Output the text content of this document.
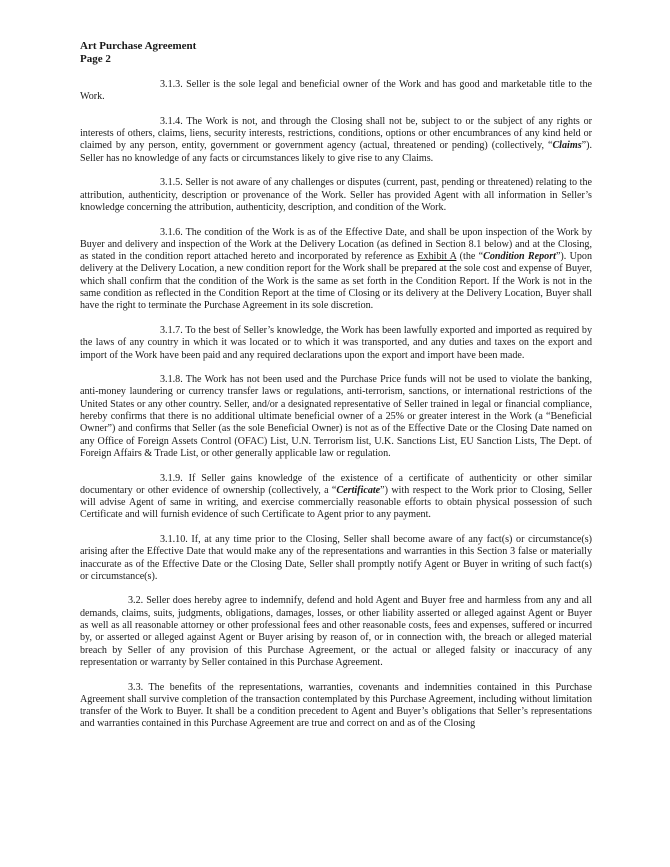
Art Purchase Agreement
Page 2

3.1.3. Seller is the sole legal and beneficial owner of the Work and has good and marketable title to the Work.

3.1.4. The Work is not, and through the Closing shall not be, subject to or the subject of any rights or interests of others, claims, liens, security interests, restrictions, conditions, options or other encumbrances of any kind held or claimed by any person, entity, government or government agency (actual, threatened or pending) (collectively, “Claims”). Seller has no knowledge of any facts or circumstances likely to give rise to any Claims.

3.1.5. Seller is not aware of any challenges or disputes (current, past, pending or threatened) relating to the attribution, authenticity, description or provenance of the Work. Seller has provided Agent with all information in Seller’s knowledge concerning the attribution, authenticity, description, and condition of the Work.

3.1.6. The condition of the Work is as of the Effective Date, and shall be upon inspection of the Work by Buyer and delivery and inspection of the Work at the Delivery Location (as defined in Section 8.1 below) and at the Closing, as stated in the condition report attached hereto and incorporated by reference as Exhibit A (the “Condition Report”). Upon delivery at the Delivery Location, a new condition report for the Work shall be prepared at the sole cost and expense of Buyer, which shall confirm that the condition of the Work is the same as set forth in the Condition Report. If the Work is not in the same condition as reflected in the Condition Report at the time of Closing or its delivery at the Delivery Location, Buyer shall have the right to terminate the Purchase Agreement in its sole discretion.

3.1.7. To the best of Seller’s knowledge, the Work has been lawfully exported and imported as required by the laws of any country in which it was located or to which it was transported, and any duties and taxes on the export and import of the Work have been paid and any required declarations upon the export and import have been made.

3.1.8. The Work has not been used and the Purchase Price funds will not be used to violate the banking, anti-money laundering or currency transfer laws or regulations, anti-terrorism, sanctions, or international restrictions of the United States or any other country. Seller, and/or a designated representative of Seller trained in legal or financial compliance, hereby confirms that there is no additional ultimate beneficial owner of a 25% or greater interest in the Work (a “Beneficial Owner”) and confirms that Seller (as the sole Beneficial Owner) is not as of the Effective Date or the Closing Date named on any Office of Foreign Assets Control (OFAC) List, U.N. Terrorism list, U.K. Sanctions List, EU Sanction Lists, The Dept. of Foreign Affairs & Trade List, or other generally applicable law or regulation.

3.1.9. If Seller gains knowledge of the existence of a certificate of authenticity or other similar documentary or other evidence of ownership (collectively, a “Certificate”) with respect to the Work prior to Closing, Seller will advise Agent of same in writing, and exercise commercially reasonable efforts to obtain physical possession of such Certificate and will furnish evidence of such Certificate to Agent prior to any payment.

3.1.10. If, at any time prior to the Closing, Seller shall become aware of any fact(s) or circumstance(s) arising after the Effective Date that would make any of the representations and warranties in this Section 3 false or materially inaccurate as of the Effective Date or the Closing Date, Seller shall promptly notify Agent or Buyer in writing of such fact(s) or circumstance(s).

3.2. Seller does hereby agree to indemnify, defend and hold Agent and Buyer free and harmless from any and all demands, claims, suits, judgments, obligations, damages, losses, or other liability asserted or alleged against Agent or Buyer as well as all reasonable attorney or other professional fees and other reasonable costs, fees and expenses, suffered or incurred by, or asserted or alleged against Agent or Buyer arising by reason of, or in connection with, the breach or alleged material breach by Seller of any provision of this Purchase Agreement, or the actual or alleged falsity or inaccuracy of any representation or warranty by Seller contained in this Purchase Agreement.

3.3. The benefits of the representations, warranties, covenants and indemnities contained in this Purchase Agreement shall survive completion of the transaction contemplated by this Purchase Agreement, including without limitation transfer of the Work to Buyer. It shall be a condition precedent to Agent and Buyer’s obligations that Seller’s representations and warranties contained in this Purchase Agreement are true and correct on and as of the Closing
